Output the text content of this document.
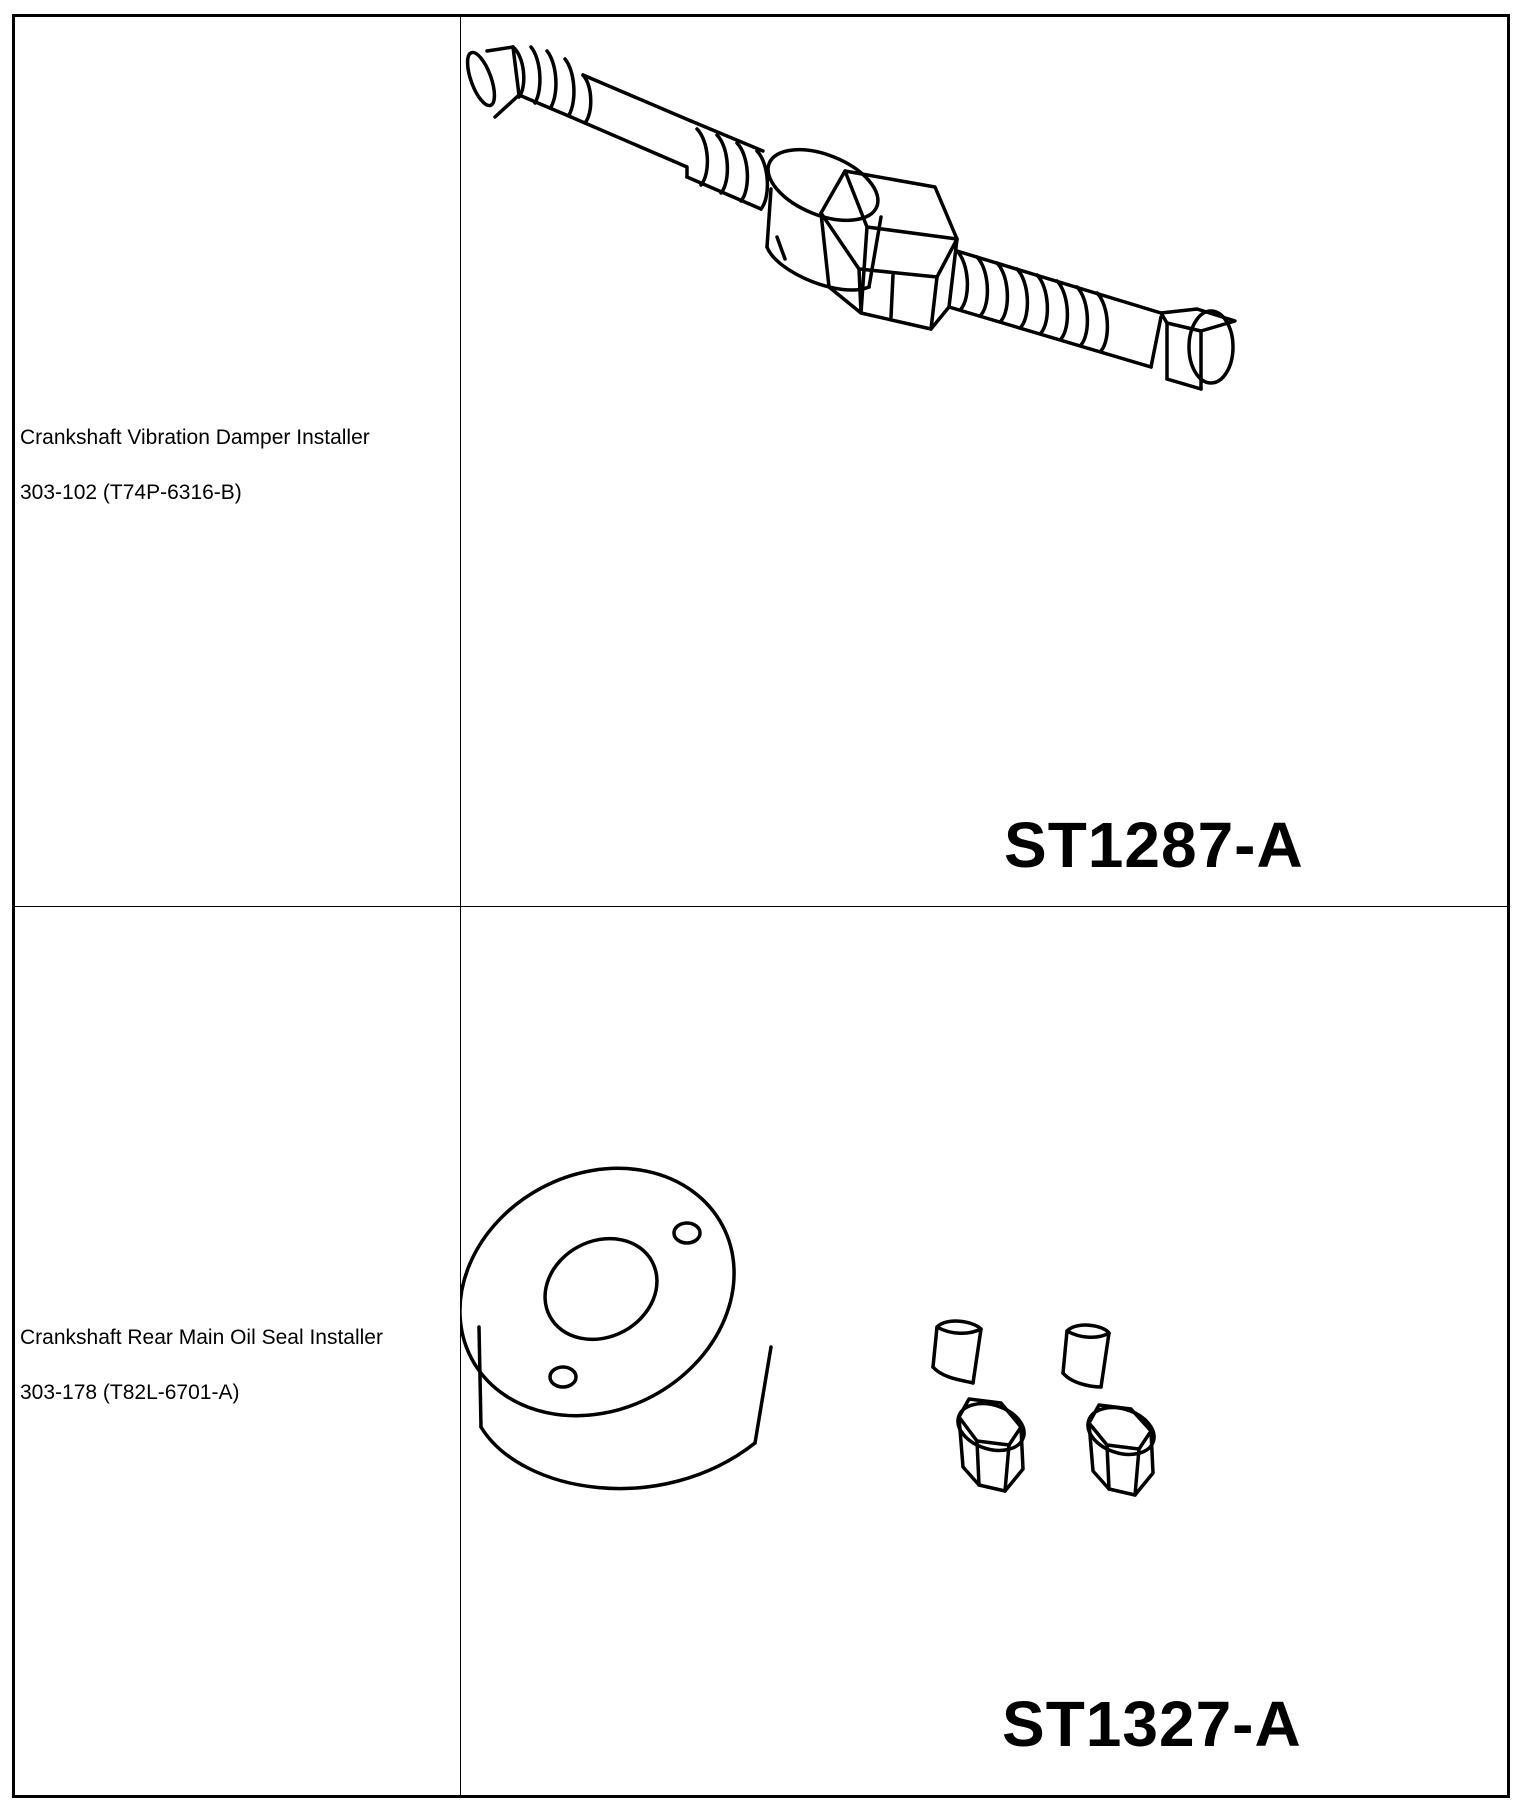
Crankshaft Vibration Damper Installer
303-102 (T74P-6316-B)
ST1287-A
Crankshaft Rear Main Oil Seal Installer
303-178 (T82L-6701-A)
ST1327-A
